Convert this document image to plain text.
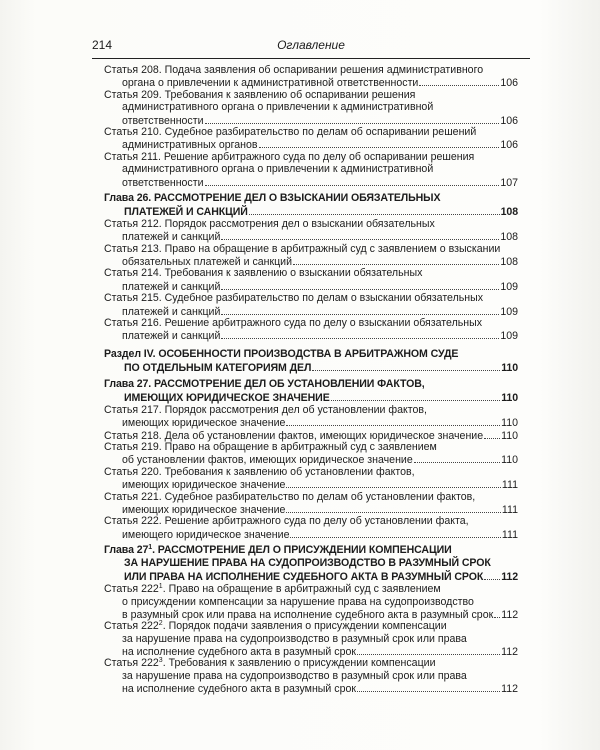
214	Оглавление
Статья 208. Подача заявления об оспаривании решения административного
органа о привлечении к административной ответственности	106
Статья 209. Требования к заявлению об оспаривании решения
административного органа о привлечении к административной
ответственности	106
Статья 210. Судебное разбирательство по делам об оспаривании решений
административных органов	106
Статья 211. Решение арбитражного суда по делу об оспаривании решения
административного органа о привлечении к административной
ответственности	107
Глава 26. РАССМОТРЕНИЕ ДЕЛ О ВЗЫСКАНИИ ОБЯЗАТЕЛЬНЫХ
ПЛАТЕЖЕЙ И САНКЦИЙ	108
Статья 212. Порядок рассмотрения дел о взыскании обязательных
платежей и санкций	108
Статья 213. Право на обращение в арбитражный суд с заявлением о взыскании
обязательных платежей и санкций	108
Статья 214. Требования к заявлению о взыскании обязательных
платежей и санкций	109
Статья 215. Судебное разбирательство по делам о взыскании обязательных
платежей и санкций	109
Статья 216. Решение арбитражного суда по делу о взыскании обязательных
платежей и санкций	109
Раздел IV. ОСОБЕННОСТИ ПРОИЗВОДСТВА В АРБИТРАЖНОМ СУДЕ
ПО ОТДЕЛЬНЫМ КАТЕГОРИЯМ ДЕЛ	110
Глава 27. РАССМОТРЕНИЕ ДЕЛ ОБ УСТАНОВЛЕНИИ ФАКТОВ,
ИМЕЮЩИХ ЮРИДИЧЕСКОЕ ЗНАЧЕНИЕ	110
Статья 217. Порядок рассмотрения дел об установлении фактов,
имеющих юридическое значение	110
Статья 218. Дела об установлении фактов, имеющих юридическое значение 110
Статья 219. Право на обращение в арбитражный суд с заявлением
об установлении фактов, имеющих юридическое значение	110
Статья 220. Требования к заявлению об установлении фактов,
имеющих юридическое значение	111
Статья 221. Судебное разбирательство по делам об установлении фактов,
имеющих юридическое значение	111
Статья 222. Решение арбитражного суда по делу об установлении факта,
имеющего юридическое значение	111
Глава $27^1$. РАССМОТРЕНИЕ ДЕЛ О ПРИСУЖДЕНИИ КОМПЕНСАЦИИ
ЗА НАРУШЕНИЕ ПРАВА НА СУДОПРОИЗВОДСТВО В РАЗУМНЫЙ СРОК
ИЛИ ПРАВА НА ИСПОЛНЕНИЕ СУДЕБНОГО АКТА В РАЗУМНЫЙ СРОК 112
Статья $222^1$. Право на обращение в арбитражный суд с заявлением
о присуждении компенсации за нарушение права на судопроизводство
в разумный срок или права на исполнение судебного акта в разумный срок 112
Статья $222^2$. Порядок подачи заявления о присуждении компенсации
за нарушение права на судопроизводство в разумный срок или права
на исполнение судебного акта в разумный срок	112
Статья $222^3$. Требования к заявлению о присуждении компенсации
за нарушение права на судопроизводство в разумный срок или права
на исполнение судебного акта в разумный срок	112
